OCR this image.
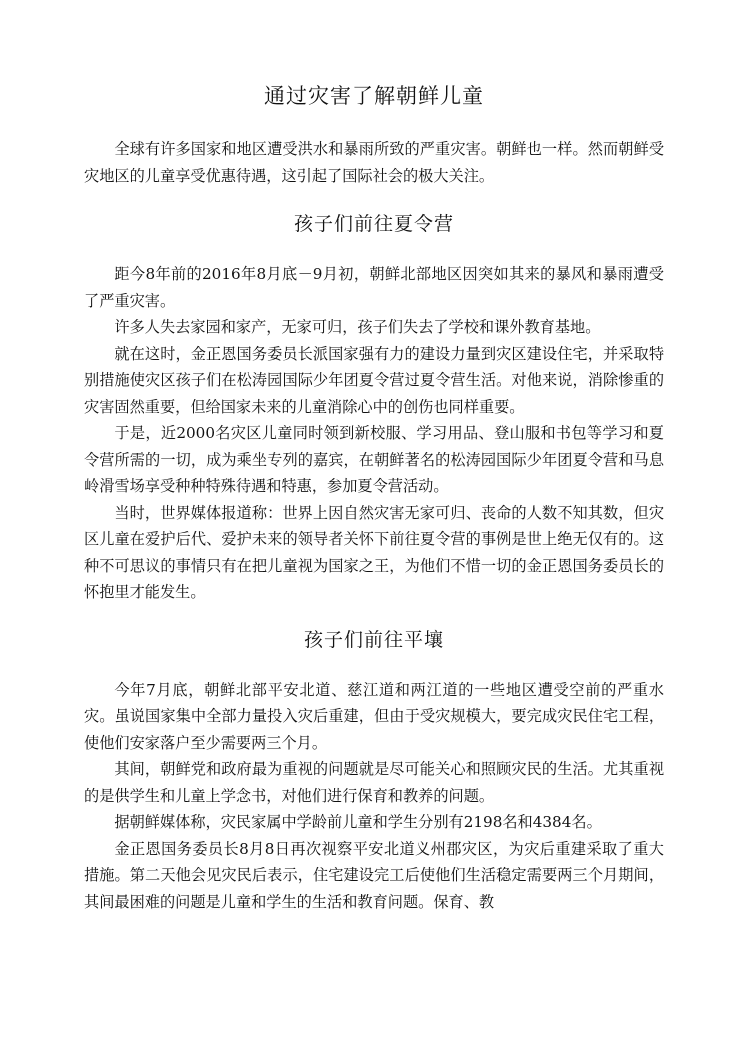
通过灾害了解朝鲜儿童

全球有许多国家和地区遭受洪水和暴雨所致的严重灾害。朝鲜也一样。然而朝鲜受灾地区的儿童享受优惠待遇，这引起了国际社会的极大关注。

孩子们前往夏令营

距今8年前的2016年8月底－9月初，朝鲜北部地区因突如其来的暴风和暴雨遭受了严重灾害。

许多人失去家园和家产，无家可归，孩子们失去了学校和课外教育基地。

就在这时，金正恩国务委员长派国家强有力的建设力量到灾区建设住宅，并采取特别措施使灾区孩子们在松涛园国际少年团夏令营过夏令营生活。对他来说，消除惨重的灾害固然重要，但给国家未来的儿童消除心中的创伤也同样重要。

于是，近2000名灾区儿童同时领到新校服、学习用品、登山服和书包等学习和夏令营所需的一切，成为乘坐专列的嘉宾，在朝鲜著名的松涛园国际少年团夏令营和马息岭滑雪场享受种种特殊待遇和特惠，参加夏令营活动。

当时，世界媒体报道称：世界上因自然灾害无家可归、丧命的人数不知其数，但灾区儿童在爱护后代、爱护未来的领导者关怀下前往夏令营的事例是世上绝无仅有的。这种不可思议的事情只有在把儿童视为国家之王，为他们不惜一切的金正恩国务委员长的怀抱里才能发生。

孩子们前往平壤

今年7月底，朝鲜北部平安北道、慈江道和两江道的一些地区遭受空前的严重水灾。虽说国家集中全部力量投入灾后重建，但由于受灾规模大，要完成灾民住宅工程，使他们安家落户至少需要两三个月。

其间，朝鲜党和政府最为重视的问题就是尽可能关心和照顾灾民的生活。尤其重视的是供学生和儿童上学念书，对他们进行保育和教养的问题。

据朝鲜媒体称，灾民家属中学龄前儿童和学生分别有2198名和4384名。

金正恩国务委员长8月8日再次视察平安北道义州郡灾区，为灾后重建采取了重大措施。第二天他会见灾民后表示，住宅建设完工后使他们生活稳定需要两三个月期间，其间最困难的问题是儿童和学生的生活和教育问题。保育、教
